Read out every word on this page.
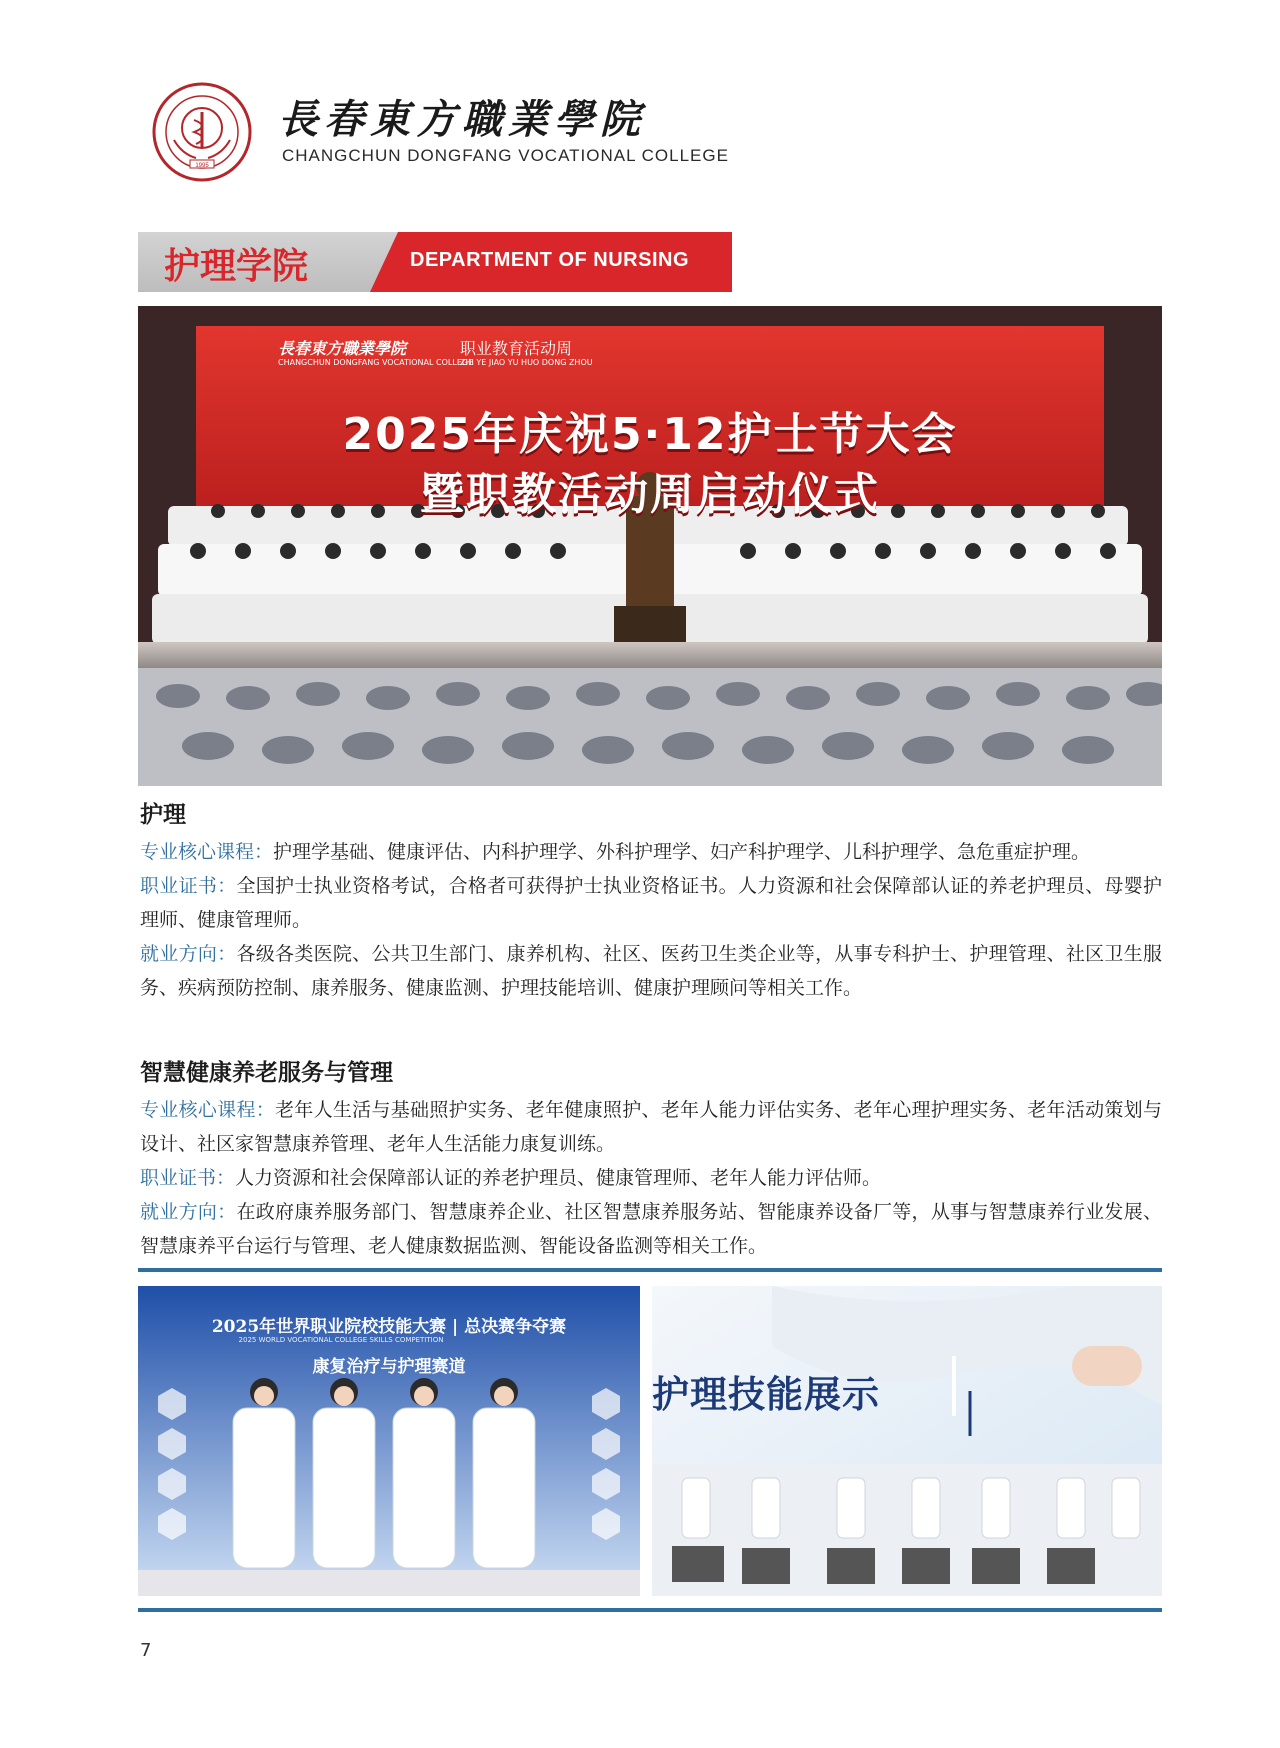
1995
長春東方職業學院
CHANGCHUN DONGFANG VOCATIONAL COLLEGE
护理学院	DEPARTMENT OF NURSING
長春東方職業學院
CHANGCHUN DONGFANG VOCATIONAL COLLEGE
职业教育活动周
ZHI YE JIAO YU HUO DONG ZHOU
2025年庆祝5·12护士节大会
暨职教活动周启动仪式
护理

专业核心课程：护理学基础、健康评估、内科护理学、外科护理学、妇产科护理学、儿科护理学、急危重症护理。

职业证书：全国护士执业资格考试，合格者可获得护士执业资格证书。人力资源和社会保障部认证的养老护理员、母婴护理师、健康管理师。

就业方向：各级各类医院、公共卫生部门、康养机构、社区、医药卫生类企业等，从事专科护士、护理管理、社区卫生服务、疾病预防控制、康养服务、健康监测、护理技能培训、健康护理顾问等相关工作。

智慧健康养老服务与管理

专业核心课程：老年人生活与基础照护实务、老年健康照护、老年人能力评估实务、老年心理护理实务、老年活动策划与设计、社区家智慧康养管理、老年人生活能力康复训练。

职业证书：人力资源和社会保障部认证的养老护理员、健康管理师、老年人能力评估师。

就业方向：在政府康养服务部门、智慧康养企业、社区智慧康养服务站、智能康养设备厂等，从事与智慧康养行业发展、智慧康养平台运行与管理、老人健康数据监测、智能设备监测等相关工作。

2025年世界职业院校技能大赛 | 总决赛争夺赛
2025 WORLD VOCATIONAL COLLEGE SKILLS COMPETITION
康复治疗与护理赛道
护理技能展示
7
